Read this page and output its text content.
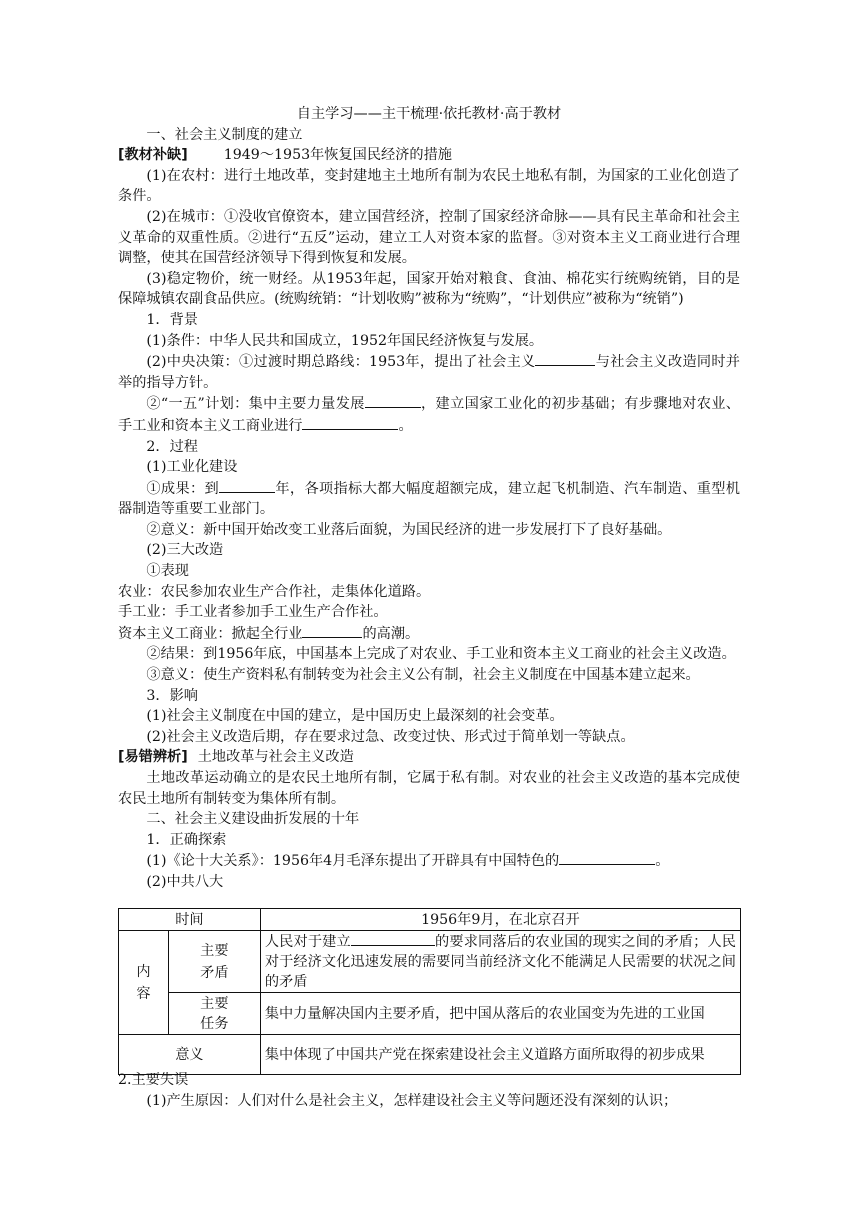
自主学习——主干梳理·依托教材·高于教材

一、社会主义制度的建立

[教材补缺]	1949～1953年恢复国民经济的措施

(1)在农村：进行土地改革，变封建地主土地所有制为农民土地私有制，为国家的工业化创造了条件。

(2)在城市：①没收官僚资本，建立国营经济，控制了国家经济命脉——具有民主革命和社会主义革命的双重性质。②进行“五反”运动，建立工人对资本家的监督。③对资本主义工商业进行合理调整，使其在国营经济领导下得到恢复和发展。

(3)稳定物价，统一财经。从1953年起，国家开始对粮食、食油、棉花实行统购统销，目的是保障城镇农副食品供应。(统购统销：“计划收购”被称为“统购”，“计划供应”被称为“统销”)

1．背景

(1)条件：中华人民共和国成立，1952年国民经济恢复与发展。

(2)中央决策：①过渡时期总路线：1953年，提出了社会主义	与社会主义改造同时并举的指导方针。

②“一五”计划：集中主要力量发展	，建立国家工业化的初步基础；有步骤地对农业、手工业和资本主义工商业进行	。

2．过程

(1)工业化建设

①成果：到	年，各项指标大都大幅度超额完成，建立起飞机制造、汽车制造、重型机器制造等重要工业部门。

②意义：新中国开始改变工业落后面貌，为国民经济的进一步发展打下了良好基础。

(2)三大改造

①表现

农业：农民参加农业生产合作社，走集体化道路。

手工业：手工业者参加手工业生产合作社。

资本主义工商业：掀起全行业	的高潮。

②结果：到1956年底，中国基本上完成了对农业、手工业和资本主义工商业的社会主义改造。

③意义：使生产资料私有制转变为社会主义公有制，社会主义制度在中国基本建立起来。

3．影响

(1)社会主义制度在中国的建立，是中国历史上最深刻的社会变革。

(2)社会主义改造后期，存在要求过急、改变过快、形式过于简单划一等缺点。

[易错辨析] 土地改革与社会主义改造

土地改革运动确立的是农民土地所有制，它属于私有制。对农业的社会主义改造的基本完成使农民土地所有制转变为集体所有制。

二、社会主义建设曲折发展的十年

1．正确探索

(1)《论十大关系》：1956年4月毛泽东提出了开辟具有中国特色的	。

(2)中共八大

时间		1956年9月，在北京召开
内容	主要矛盾	人民对于建立 的要求同落后的农业国的现实之间的矛盾；人民对于经济文化迅速发展的需要同当前经济文化不能满足人民需要的状况之间的矛盾
	主要任务	集中力量解决国内主要矛盾，把中国从落后的农业国变为先进的工业国
意义		集中体现了中国共产党在探索建设社会主义道路方面所取得的初步成果

2.主要失误

(1)产生原因：人们对什么是社会主义，怎样建设社会主义等问题还没有深刻的认识；
